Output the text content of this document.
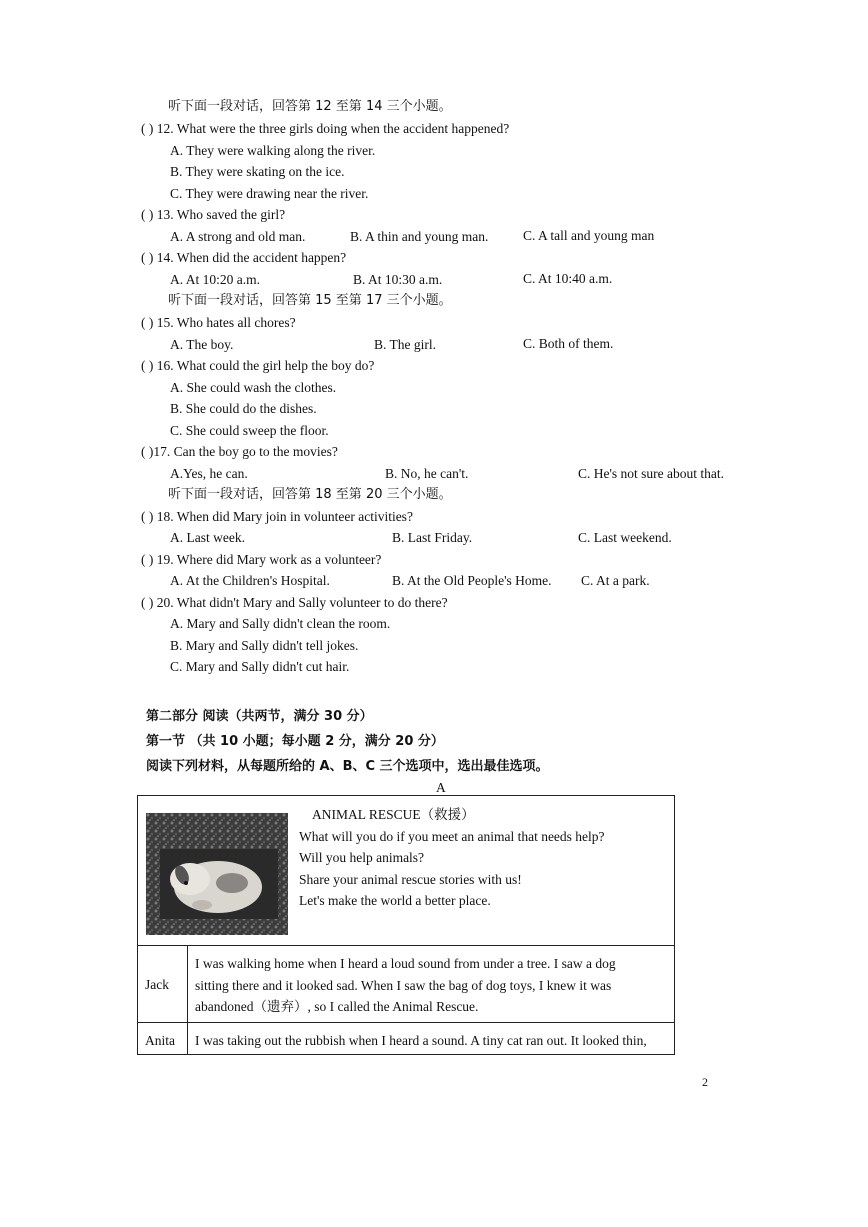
听下面一段对话，回答第 12 至第 14 三个小题。
( ) 12. What were the three girls doing when the accident happened?
A. They were walking along the river.
B. They were skating on the ice.
C. They were drawing near the river.
( ) 13. Who saved the girl?
A. A strong and old man.	B. A thin and young man.	C. A tall and young man
( ) 14. When did the accident happen?
A. At 10:20 a.m.	B. At 10:30 a.m.	C. At 10:40 a.m.
听下面一段对话，回答第 15 至第 17 三个小题。
( ) 15. Who hates all chores?
A. The boy.	B. The girl.	C. Both of them.
( ) 16. What could the girl help the boy do?
A. She could wash the clothes.
B. She could do the dishes.
C. She could sweep the floor.
( )17. Can the boy go to the movies?
A.Yes, he can.	B. No, he can't.	C. He's not sure about that.
听下面一段对话，回答第 18 至第 20 三个小题。
( ) 18. When did Mary join in volunteer activities?
A. Last week.	B. Last Friday.	C. Last weekend.
( ) 19. Where did Mary work as a volunteer?
A. At the Children's Hospital.	B. At the Old People's Home. C. At a park.
( ) 20. What didn't Mary and Sally volunteer to do there?
A. Mary and Sally didn't clean the room.
B. Mary and Sally didn't tell jokes.
C. Mary and Sally didn't cut hair.
第二部分 阅读（共两节，满分 30 分）
第一节 （共 10 小题；每小题 2 分，满分 20 分）
阅读下列材料，从每题所给的 A、B、C 三个选项中，选出最佳选项。
A
ANIMAL RESCUE（救援）
What will you do if you meet an animal that needs help?
Will you help animals?
Share your animal rescue stories with us!
Let's make the world a better place.
Jack
I was walking home when I heard a loud sound from under a tree. I saw a dog
sitting there and it looked sad. When I saw the bag of dog toys, I knew it was
abandoned（遗弃）, so I called the Animal Rescue.
Anita I was taking out the rubbish when I heard a sound. A tiny cat ran out. It looked thin,
2
